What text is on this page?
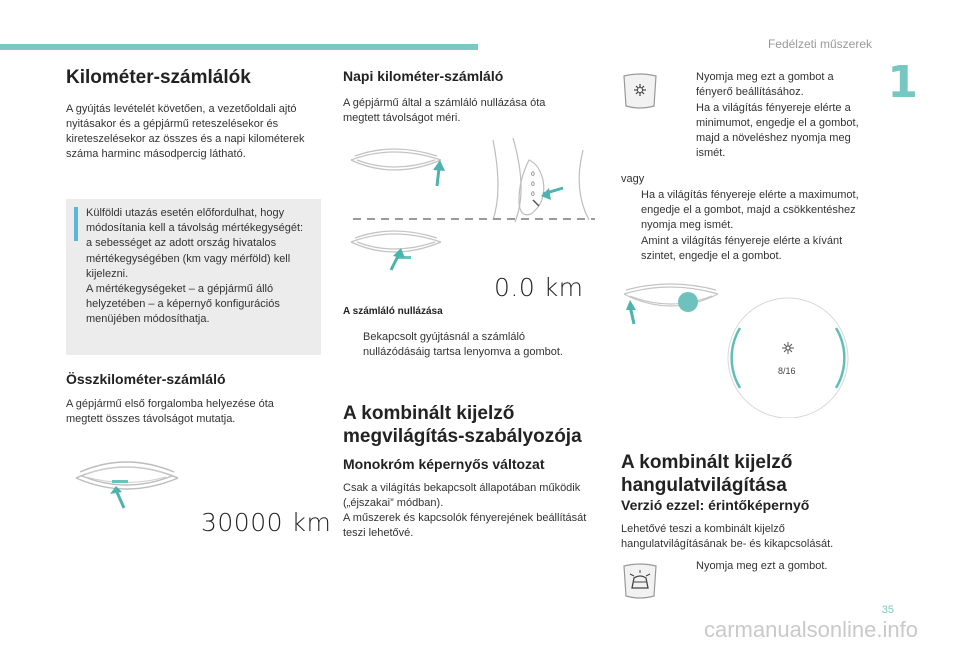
Fedélzeti műszerek
1
Kilométer-számlálók

A gyújtás levételét követően, a vezetőoldali ajtó nyitásakor és a gépjármű reteszelésekor és kireteszelésekor az összes és a napi kilométerek száma harminc másodpercig látható.

Külföldi utazás esetén előfordulhat, hogy módosítania kell a távolság mértékegységét: a sebességet az adott ország hivatalos mértékegységében (km vagy mérföld) kell kijelezni.
A mértékegységeket – a gépjármű álló helyzetében – a képernyő konfigurációs menüjében módosíthatja.

Összkilométer-számláló

A gépjármű első forgalomba helyezése óta megtett összes távolságot mutatja.

30000 km
Napi kilométer-számláló

A gépjármű által a számláló nullázása óta megtett távolságot méri.

0
0
0
0.0 km
A számláló nullázása
Bekapcsolt gyújtásnál a számláló nullázódásáig tartsa lenyomva a gombot.
A kombinált kijelző megvilágítás-szabályozója
Monokróm képernyős változat

Csak a világítás bekapcsolt állapotában működik („éjszakai” módban).
A műszerek és kapcsolók fényerejének beállítását teszi lehetővé.

Nyomja meg ezt a gombot a fényerő beállításához.
Ha a világítás fényereje elérte a minimumot, engedje el a gombot, majd a növeléshez nyomja meg ismét.

vagy

Ha a világítás fényereje elérte a maximumot, engedje el a gombot, majd a csökkentéshez nyomja meg ismét.
Amint a világítás fényereje elérte a kívánt szintet, engedje el a gombot.
8/16
A kombinált kijelző hangulatvilágítása
Verzió ezzel: érintőképernyő

Lehetővé teszi a kombinált kijelző hangulatvilágításának be- és kikapcsolását.

Nyomja meg ezt a gombot.
35
carmanualsonline.info
